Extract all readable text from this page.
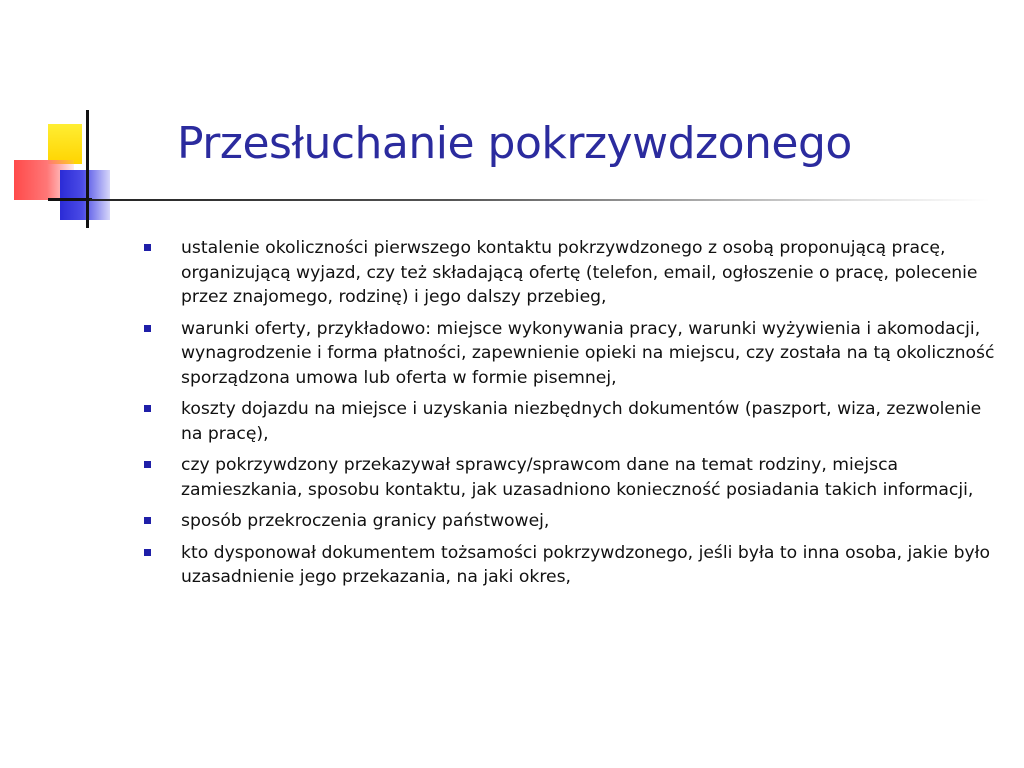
Przesłuchanie pokrzywdzonego
ustalenie okoliczności pierwszego kontaktu pokrzywdzonego z osobą proponującą pracę, organizującą wyjazd, czy też składającą ofertę (telefon, email, ogłoszenie o pracę, polecenie przez znajomego, rodzinę) i jego dalszy przebieg,
warunki oferty, przykładowo: miejsce wykonywania pracy, warunki wyżywienia i akomodacji, wynagrodzenie i forma płatności, zapewnienie opieki na miejscu, czy została na tą okoliczność sporządzona umowa lub oferta w formie pisemnej,
koszty dojazdu na miejsce i uzyskania niezbędnych dokumentów (paszport, wiza, zezwolenie na pracę),
czy pokrzywdzony przekazywał sprawcy/sprawcom dane na temat rodziny, miejsca zamieszkania, sposobu kontaktu, jak uzasadniono konieczność posiadania takich informacji,
sposób przekroczenia granicy państwowej,
kto dysponował dokumentem tożsamości pokrzywdzonego, jeśli była to inna osoba, jakie było uzasadnienie jego przekazania, na jaki okres,
